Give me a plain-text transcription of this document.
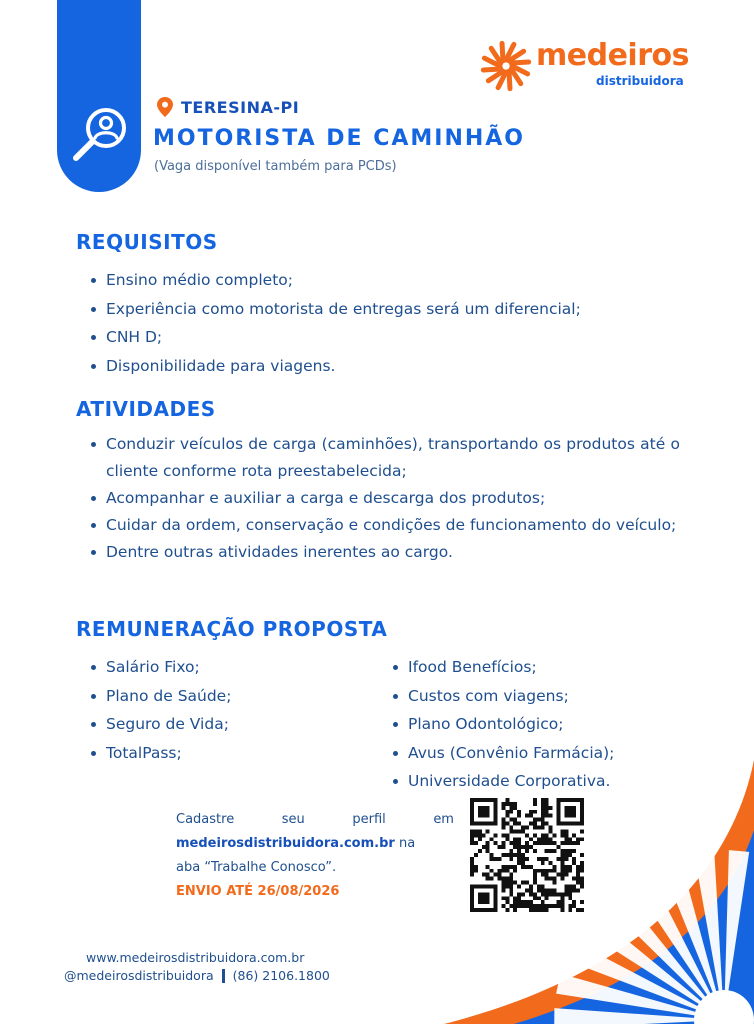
medeiros
distribuidora
TERESINA-PI
MOTORISTA DE CAMINHÃO
(Vaga disponível também para PCDs)
REQUISITOS
Ensino médio completo;
Experiência como motorista de entregas será um diferencial;
CNH D;
Disponibilidade para viagens.
ATIVIDADES
Conduzir veículos de carga (caminhões), transportando os produtos até o cliente conforme rota preestabelecida;
Acompanhar e auxiliar a carga e descarga dos produtos;
Cuidar da ordem, conservação e condições de funcionamento do veículo;
Dentre outras atividades inerentes ao cargo.
REMUNERAÇÃO PROPOSTA
Salário Fixo;
Plano de Saúde;
Seguro de Vida;
TotalPass;
Ifood Benefícios;
Custos com viagens;
Plano Odontológico;
Avus (Convênio Farmácia);
Universidade Corporativa.
Cadastre	seu	perfil	em
medeirosdistribuidora.com.br na
aba “Trabalhe Conosco”.
ENVIO ATÉ 26/08/2026
www.medeirosdistribuidora.com.br
@medeirosdistribuidora (86) 2106.1800
